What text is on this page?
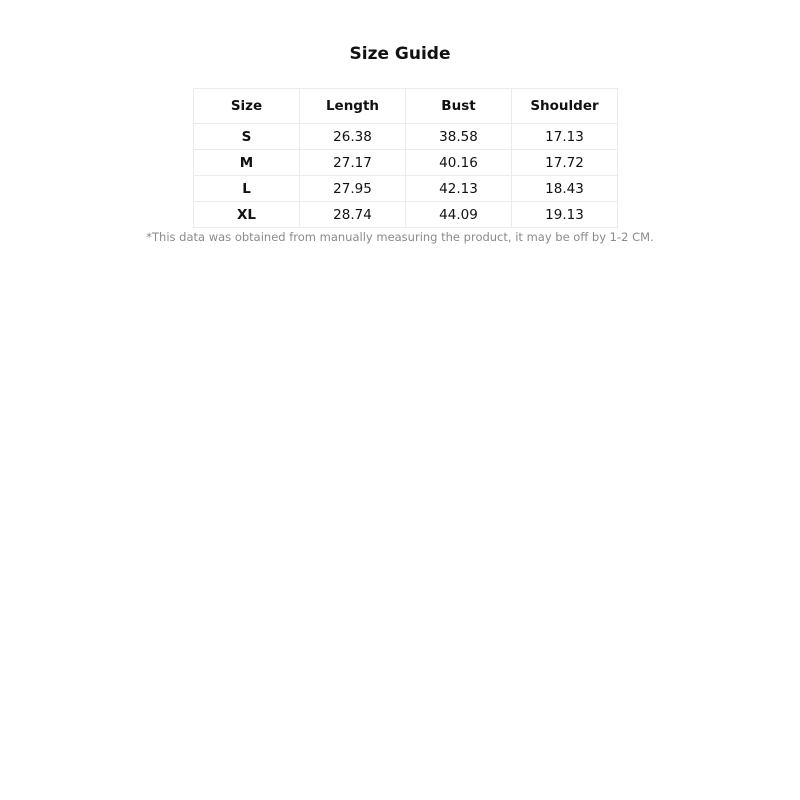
Size Guide
Size	Length	Bust	Shoulder
S	26.38	38.58	17.13
M	27.17	40.16	17.72
L	27.95	42.13	18.43
XL	28.74	44.09	19.13

*This data was obtained from manually measuring the product, it may be off by 1-2 CM.
